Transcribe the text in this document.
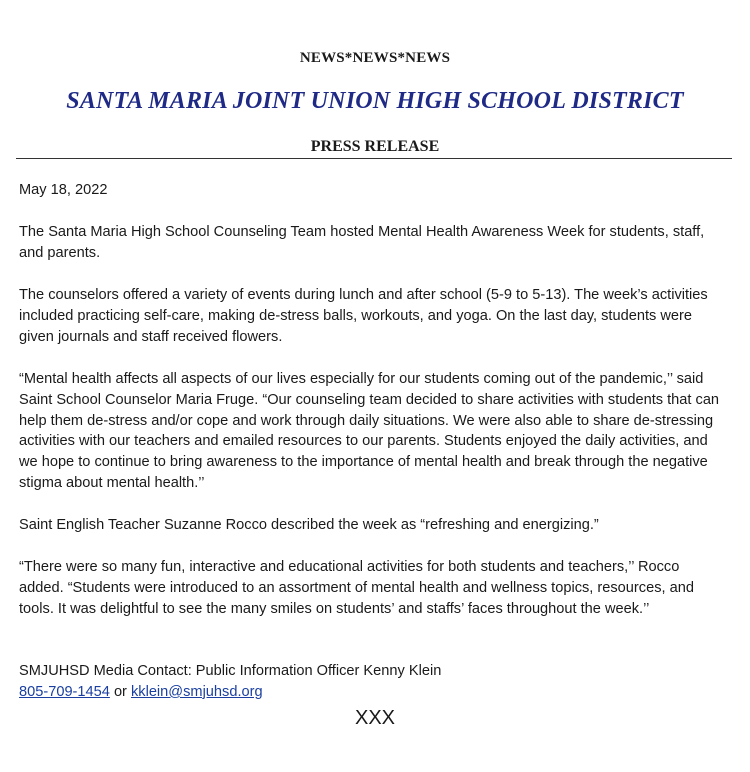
NEWS*NEWS*NEWS
SANTA MARIA JOINT UNION HIGH SCHOOL DISTRICT
PRESS RELEASE
May 18, 2022
The Santa Maria High School Counseling Team hosted Mental Health Awareness Week for students, staff, and parents.
The counselors offered a variety of events during lunch and after school (5-9 to 5-13). The week’s activities included practicing self-care, making de-stress balls, workouts, and yoga. On the last day, students were given journals and staff received flowers.
“Mental health affects all aspects of our lives especially for our students coming out of the pandemic,’’ said Saint School Counselor Maria Fruge. “Our counseling team decided to share activities with students that can help them de-stress and/or cope and work through daily situations. We were also able to share de-stressing activities with our teachers and emailed resources to our parents. Students enjoyed the daily activities, and we hope to continue to bring awareness to the importance of mental health and break through the negative stigma about mental health.’’
Saint English Teacher Suzanne Rocco described the week as “refreshing and energizing.”
“There were so many fun, interactive and educational activities for both students and teachers,’’ Rocco added. “Students were introduced to an assortment of mental health and wellness topics, resources, and tools. It was delightful to see the many smiles on students’ and staffs’ faces throughout the week.’’
SMJUHSD Media Contact: Public Information Officer Kenny Klein
805-709-1454 or kklein@smjuhsd.org
XXX
